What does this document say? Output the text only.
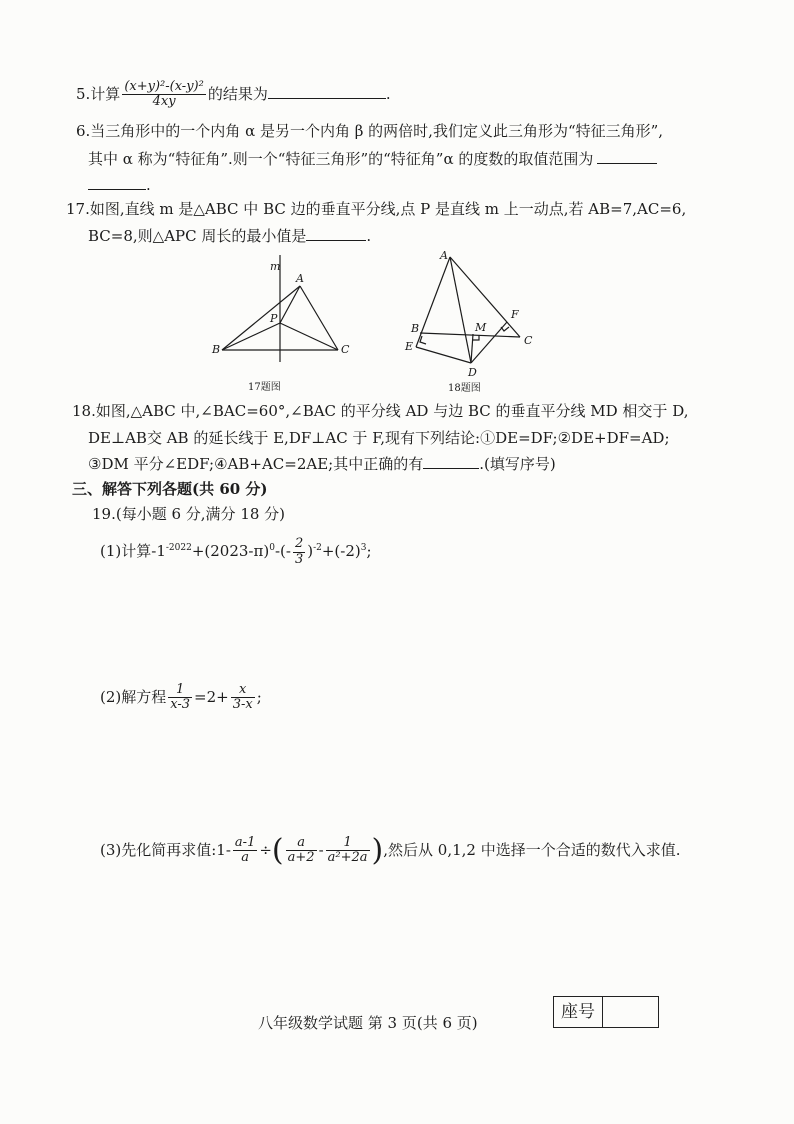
5.计算 $\frac{\text{(x+y)²-(x-y)²}}{4xy}$ 的结果为	.
6.当三角形中的一个内角 α 是另一个内角 β 的两倍时,我们定义此三角形为“特征三角形”,
其中 α 称为“特征角”.则一个“特征三角形”的“特征角”α 的度数的取值范围为
.
17.如图,直线 m 是△ABC 中 BC 边的垂直平分线,点 P 是直线 m 上一动点,若 AB=7,AC=6,
BC=8,则△APC 周长的最小值是	.
m
A
P
B	C
17题图
A
B	M
F
C
E
D
18题图
18.如图,△ABC 中,∠BAC=60°,∠BAC 的平分线 AD 与边 BC 的垂直平分线 MD 相交于 D,
DE⊥AB交 AB 的延长线于 E,DF⊥AC 于 F,现有下列结论:①DE=DF;②DE+DF=AD;
③DM 平分∠EDF;④AB+AC=2AE;其中正确的有	.(填写序号)
三、解答下列各题(共 60 分)
19.(每小题 6 分,满分 18 分)
(1)计算$-1^{-2022}+(2023-\pi)^0-(- \frac{2}{3} )^{-2}+(-2)^3$;
(2)解方程 $\frac{1}{x-3} =2+ \frac{x}{3-x}$ ;
(3)先化简再求值:1- $\frac{a-1}{a}$ ÷( $\frac{a}{a+2} - \frac{1}{\text{a²+2a}}$ ),然后从 0,1,2 中选择一个合适的数代入求值.
八年级数学试题 第 3 页(共 6 页)
座号
